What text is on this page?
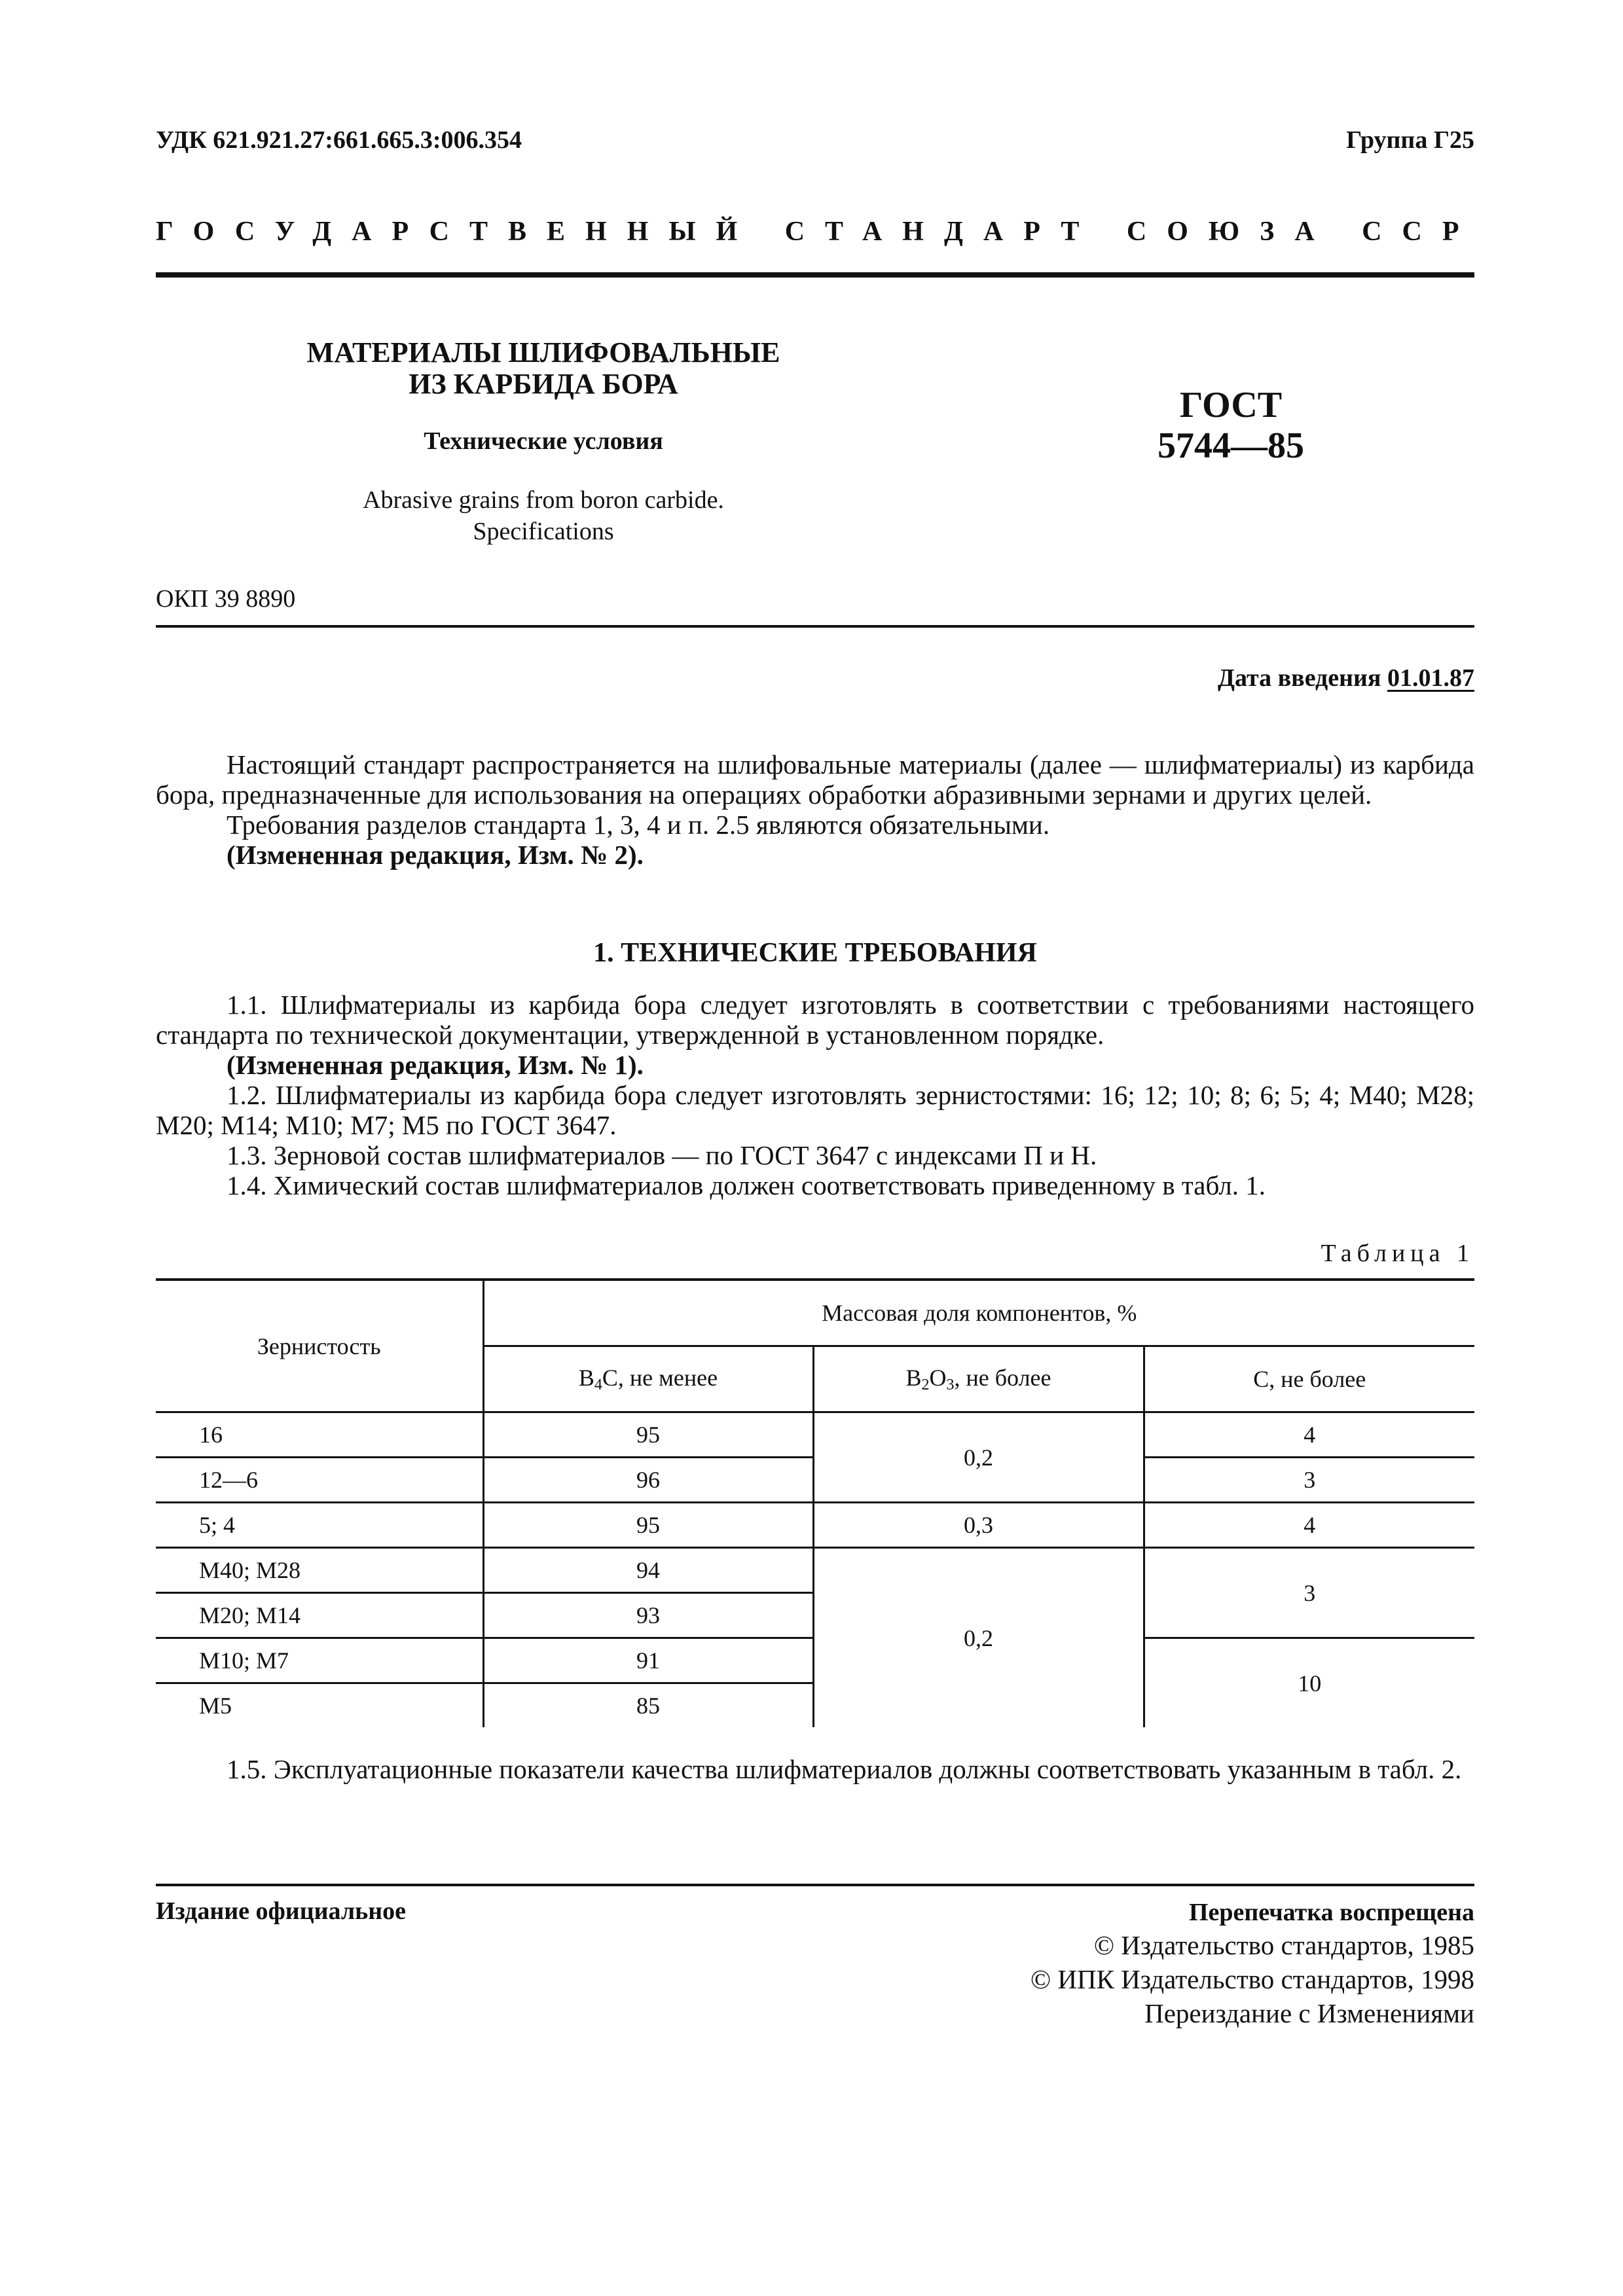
УДК 621.921.27:661.665.3:006.354	Группа Г25
ГОСУДАРСТВЕННЫЙ СТАНДАРТ СОЮЗА ССР
МАТЕРИАЛЫ ШЛИФОВАЛЬНЫЕ
ИЗ КАРБИДА БОРА
Технические условия
Abrasive grains from boron carbide.
Specifications
ГОСТ
5744—85
ОКП 39 8890
Дата введения 01.01.87

Настоящий стандарт распространяется на шлифовальные материалы (далее — шлифматериалы) из карбида бора, предназначенные для использования на операциях обработки абразивными зернами и других целей.

Требования разделов стандарта 1, 3, 4 и п. 2.5 являются обязательными.

(Измененная редакция, Изм. № 2).

1. ТЕХНИЧЕСКИЕ ТРЕБОВАНИЯ

1.1. Шлифматериалы из карбида бора следует изготовлять в соответствии с требованиями настоящего стандарта по технической документации, утвержденной в установленном порядке.

(Измененная редакция, Изм. № 1).

1.2. Шлифматериалы из карбида бора следует изготовлять зернистостями: 16; 12; 10; 8; 6; 5; 4; М40; М28; М20; М14; М10; М7; М5 по ГОСТ 3647.

1.3. Зерновой состав шлифматериалов — по ГОСТ 3647 с индексами П и Н.

1.4. Химический состав шлифматериалов должен соответствовать приведенному в табл. 1.

Таблица 1
Зернистость	Массовая доля компонентов, %		
	$B_4C$, не менее	$B_2O_3$, не более	C, не более
16	95	0,2	4
12—6	96		3
5; 4	95	0,3	4
М40; М28	94	0,2	3
М20; М14	93		
М10; М7	91		10
М5	85		

1.5. Эксплуатационные показатели качества шлифматериалов должны соответствовать указанным в табл. 2.

Издание официальное	Перепечатка воспрещена
© Издательство стандартов, 1985
© ИПК Издательство стандартов, 1998
Переиздание с Изменениями
